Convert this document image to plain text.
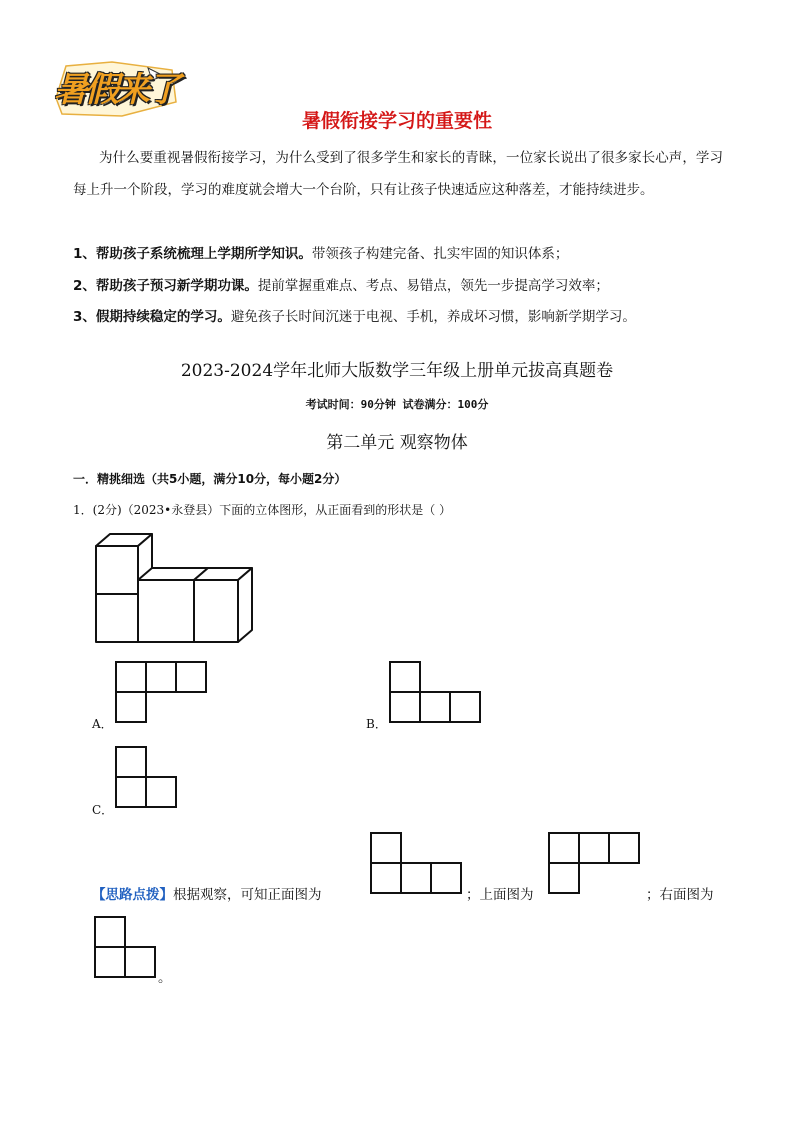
暑假来了
暑假衔接学习的重要性
为什么要重视暑假衔接学习，为什么受到了很多学生和家长的青睐，一位家长说出了很多家长心声，学习每上升一个阶段，学习的难度就会增大一个台阶，只有让孩子快速适应这种落差，才能持续进步。
1、帮助孩子系统梳理上学期所学知识。带领孩子构建完备、扎实牢固的知识体系；
2、帮助孩子预习新学期功课。提前掌握重难点、考点、易错点，领先一步提高学习效率；
3、假期持续稳定的学习。避免孩子长时间沉迷于电视、手机，养成坏习惯，影响新学期学习。
2023-2024学年北师大版数学三年级上册单元拔高真题卷
考试时间：90分钟 试卷满分：100分
第二单元 观察物体
一．精挑细选（共5小题，满分10分，每小题2分）
1．(2分)（2023•永登县）下面的立体图形，从正面看到的形状是（ ）
A．	B．
C．
【思路点拨】根据观察，可知正面图为	；上面图为	；右面图为
。
